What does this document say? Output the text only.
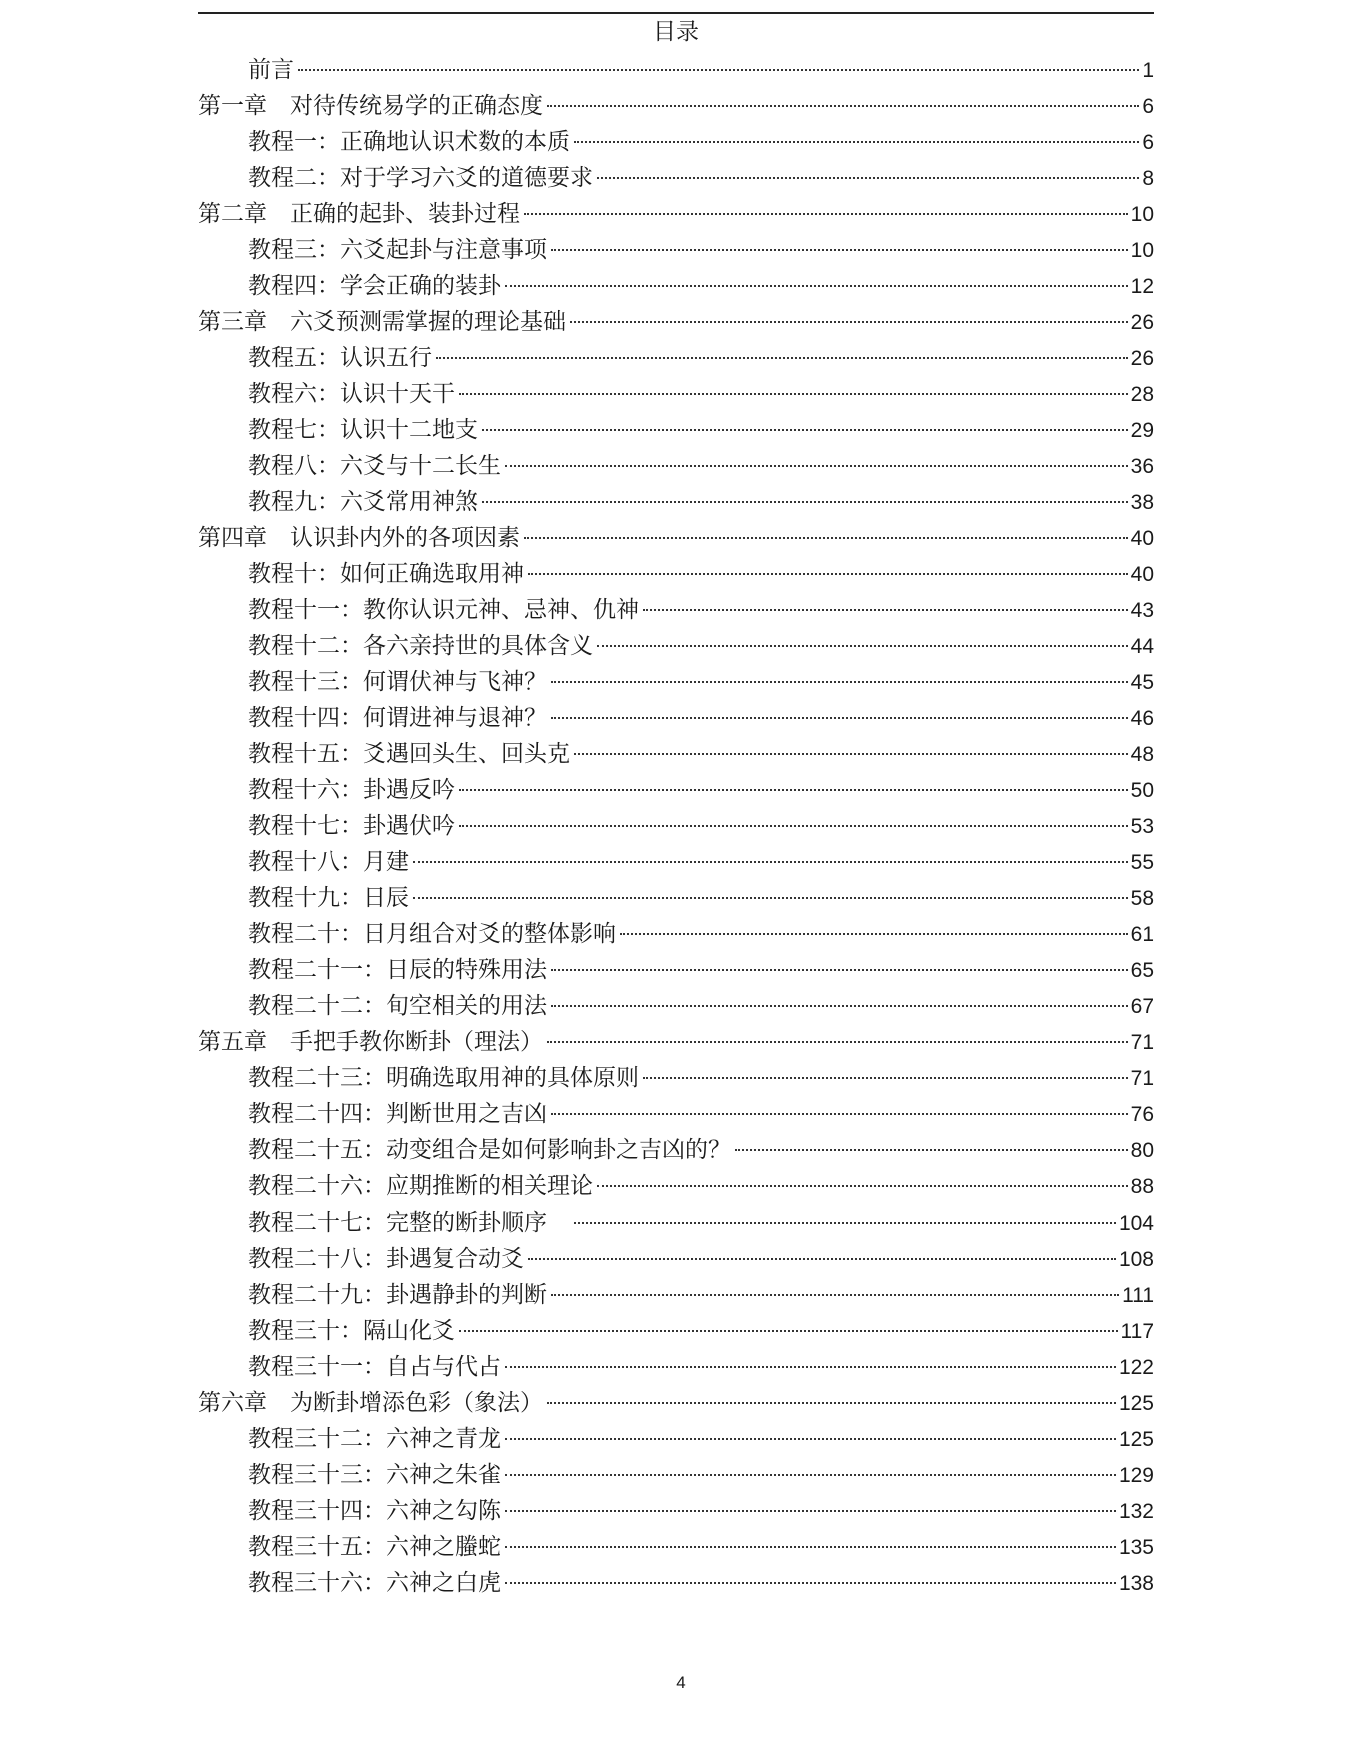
目录
前言	1
第一章　对待传统易学的正确态度	6
教程一：正确地认识术数的本质	6
教程二：对于学习六爻的道德要求	8
第二章　正确的起卦、装卦过程	10
教程三：六爻起卦与注意事项	10
教程四：学会正确的装卦	12
第三章　六爻预测需掌握的理论基础	26
教程五：认识五行	26
教程六：认识十天干	28
教程七：认识十二地支	29
教程八：六爻与十二长生	36
教程九：六爻常用神煞	38
第四章　认识卦内外的各项因素	40
教程十：如何正确选取用神	40
教程十一：教你认识元神、忌神、仇神	43
教程十二：各六亲持世的具体含义	44
教程十三：何谓伏神与飞神？	45
教程十四：何谓进神与退神？	46
教程十五：爻遇回头生、回头克	48
教程十六：卦遇反吟	50
教程十七：卦遇伏吟	53
教程十八：月建	55
教程十九：日辰	58
教程二十：日月组合对爻的整体影响	61
教程二十一：日辰的特殊用法	65
教程二十二：旬空相关的用法	67
第五章　手把手教你断卦（理法）	71
教程二十三：明确选取用神的具体原则	71
教程二十四：判断世用之吉凶	76
教程二十五：动变组合是如何影响卦之吉凶的？	80
教程二十六：应期推断的相关理论	88
教程二十七：完整的断卦顺序　	104
教程二十八：卦遇复合动爻	108
教程二十九：卦遇静卦的判断	111
教程三十：隔山化爻	117
教程三十一：自占与代占	122
第六章　为断卦增添色彩（象法）	125
教程三十二：六神之青龙	125
教程三十三：六神之朱雀	129
教程三十四：六神之勾陈	132
教程三十五：六神之螣蛇	135
教程三十六：六神之白虎	138
4
